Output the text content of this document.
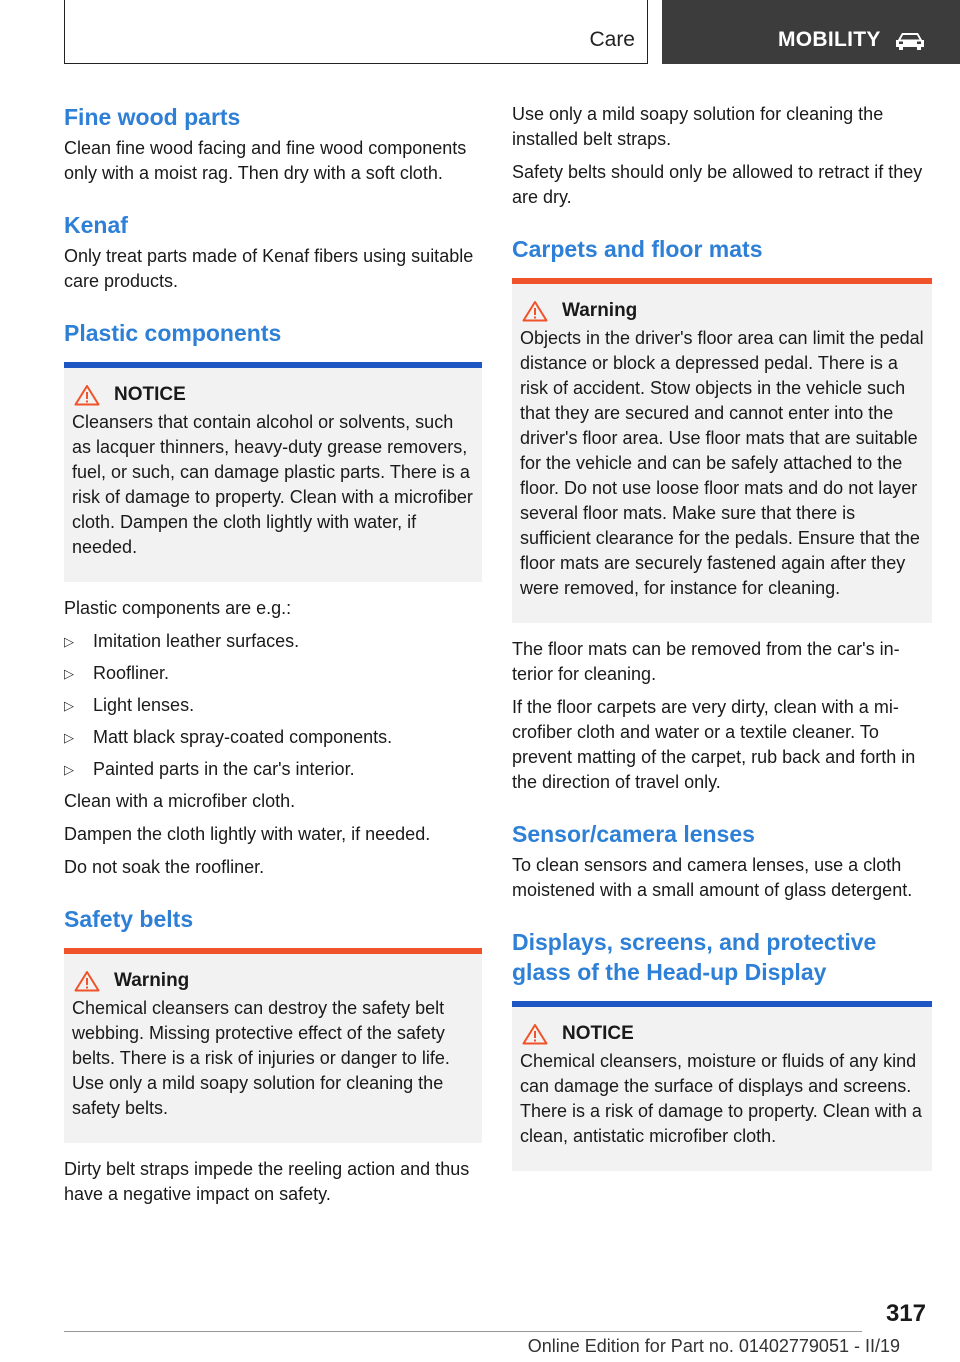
Care	MOBILITY
Fine wood parts

Clean fine wood facing and fine wood components only with a moist rag. Then dry with a soft cloth.

Kenaf

Only treat parts made of Kenaf fibers using suitable care products.

Plastic components
NOTICE

Cleansers that contain alcohol or solvents, such as lacquer thinners, heavy-duty grease removers, fuel, or such, can damage plastic parts. There is a risk of damage to property. Clean with a microfiber cloth. Dampen the cloth lightly with water, if needed.

Plastic components are e.g.:

▷	Imitation leather surfaces.
▷	Roofliner.
▷	Light lenses.
▷	Matt black spray-coated components.
▷	Painted parts in the car's interior.

Clean with a microfiber cloth.

Dampen the cloth lightly with water, if needed.

Do not soak the roofliner.

Safety belts
Warning

Chemical cleansers can destroy the safety belt webbing. Missing protective effect of the safety belts. There is a risk of injuries or danger to life. Use only a mild soapy solution for cleaning the safety belts.

Dirty belt straps impede the reeling action and thus have a negative impact on safety.

Use only a mild soapy solution for cleaning the installed belt straps.

Safety belts should only be allowed to retract if they are dry.

Carpets and floor mats
Warning

Objects in the driver's floor area can limit the pedal distance or block a depressed pedal. There is a risk of accident. Stow objects in the vehicle such that they are secured and cannot enter into the driver's floor area. Use floor mats that are suitable for the vehicle and can be safely attached to the floor. Do not use loose floor mats and do not layer several floor mats. Make sure that there is sufficient clearance for the pedals. Ensure that the floor mats are securely fastened again after they were removed, for instance for cleaning.

The floor mats can be removed from the car's interior for cleaning.

If the floor carpets are very dirty, clean with a microfiber cloth and water or a textile cleaner. To prevent matting of the carpet, rub back and forth in the direction of travel only.

Sensor/camera lenses

To clean sensors and camera lenses, use a cloth moistened with a small amount of glass detergent.

Displays, screens, and protective glass of the Head-up Display
NOTICE

Chemical cleansers, moisture or fluids of any kind can damage the surface of displays and screens. There is a risk of damage to property. Clean with a clean, antistatic microfiber cloth.

317
Online Edition for Part no. 01402779051 - II/19
